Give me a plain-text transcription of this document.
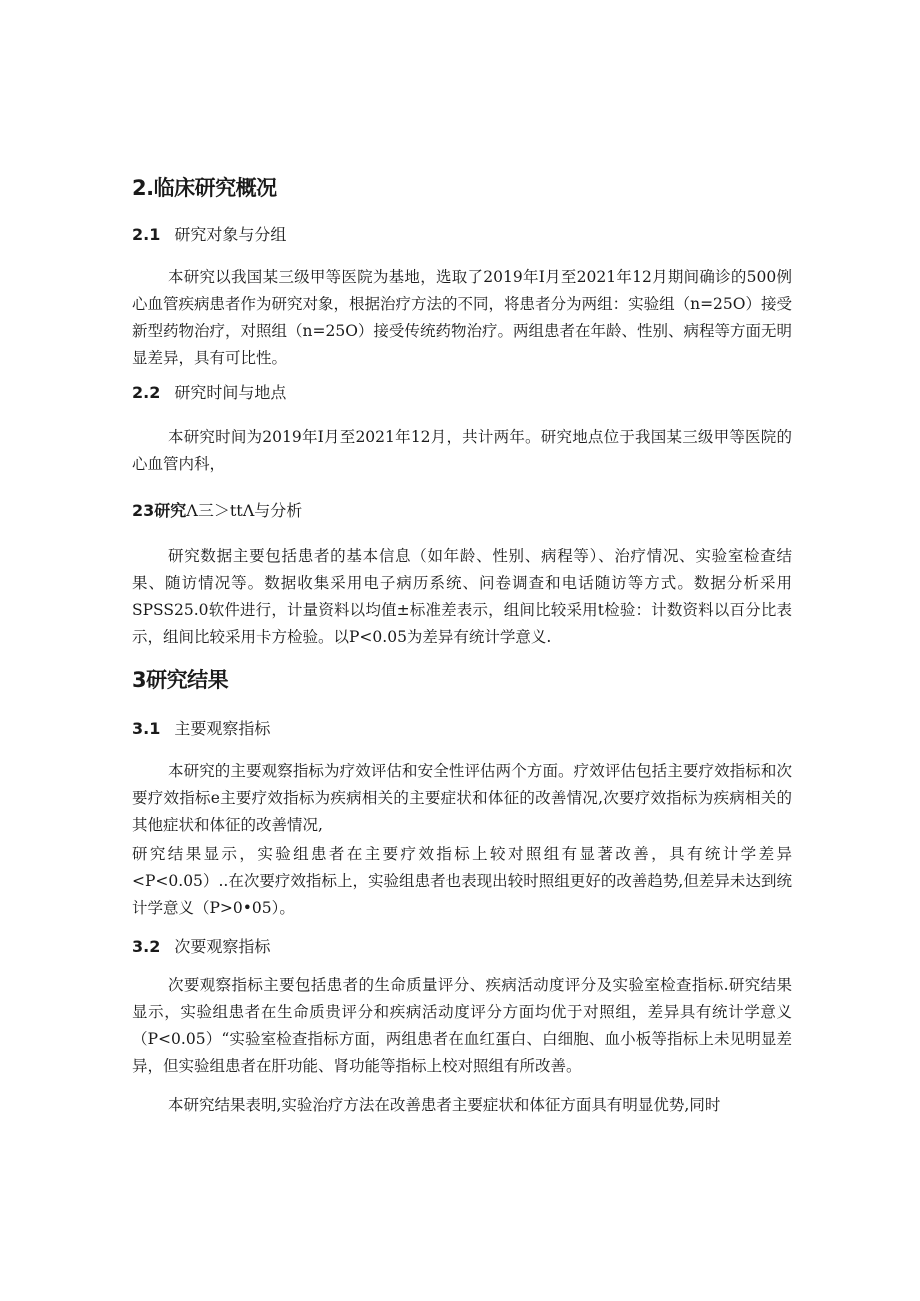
2.临床研究概况
2.1 研究对象与分组

本研究以我国某三级甲等医院为基地，选取了2019年I月至2021年12月期间确诊的500例心血管疾病患者作为研究对象，根据治疗方法的不同，将患者分为两组：实验组（n=25O）接受新型药物治疗，对照组（n=25O）接受传统药物治疗。两组患者在年龄、性别、病程等方面无明显差异，具有可比性。

2.2 研究时间与地点

本研究时间为2019年I月至2021年12月，共计两年。研究地点位于我国某三级甲等医院的心血管内科，

23研究Λ三＞ttΛ与分析

研究数据主要包括患者的基本信息（如年龄、性别、病程等）、治疗情况、实验室检查结果、随访情况等。数据收集采用电子病历系统、问卷调查和电话随访等方式。数据分析采用SPSS25.0软件进行，计量资料以均值±标准差表示，组间比较采用t检验：计数资料以百分比表示，组间比较采用卡方检验。以P<0.05为差异有统计学意义.

3研究结果
3.1 主要观察指标

本研究的主要观察指标为疗效评估和安全性评估两个方面。疗效评估包括主要疗效指标和次要疗效指标e主要疗效指标为疾病相关的主要症状和体征的改善情况,次要疗效指标为疾病相关的其他症状和体征的改善情况,

研究结果显示，实验组患者在主要疗效指标上较对照组有显著改善，具有统计学差异<P<0.05）..在次要疗效指标上，实验组患者也表现出较时照组更好的改善趋势,但差异未达到统计学意义（P>0•05）。

3.2 次要观察指标

次要观察指标主要包括患者的生命质量评分、疾病活动度评分及实验室检查指标.研究结果显示，实验组患者在生命质贵评分和疾病活动度评分方面均优于对照组，差异具有统计学意义（P<0.05）“实验室检查指标方面，两组患者在血红蛋白、白细胞、血小板等指标上未见明显差异，但实验组患者在肝功能、肾功能等指标上校对照组有所改善。

本研究结果表明,实验治疗方法在改善患者主要症状和体征方面具有明显优势,同时
